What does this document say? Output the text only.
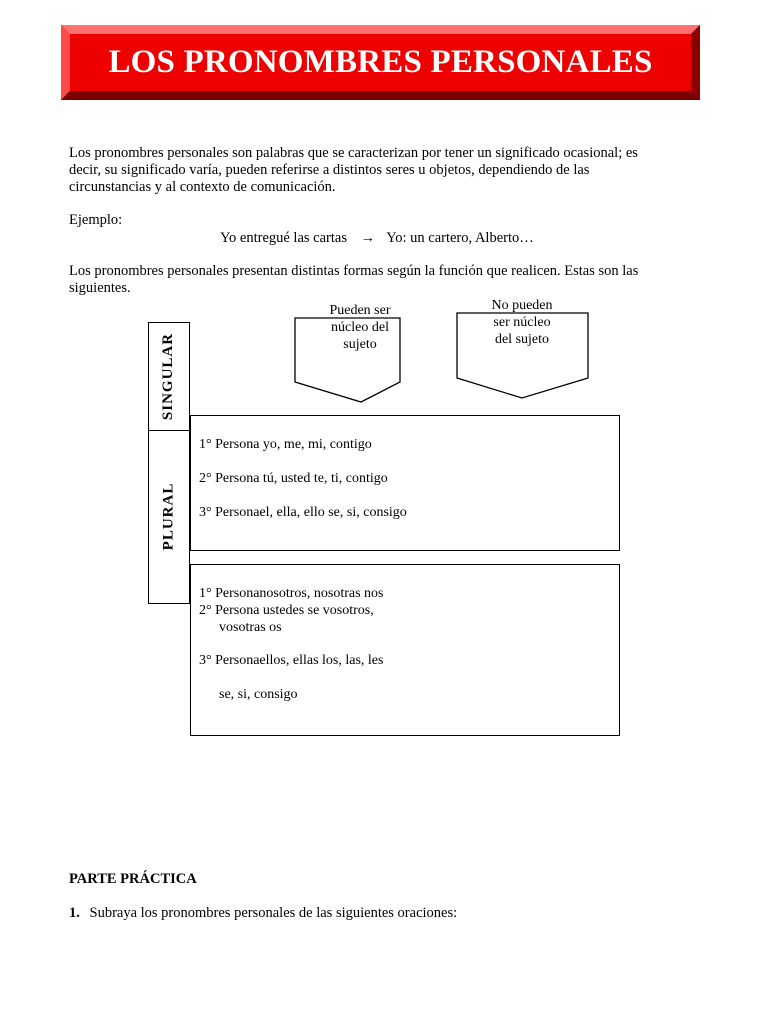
LOS PRONOMBRES PERSONALES
Los pronombres personales son palabras que se caracterizan por tener un significado ocasional; es
decir, su significado varía, pueden referirse a distintos seres u objetos, dependiendo de las
circunstancias y al contexto de comunicación.
Ejemplo:
Yo entregué las cartas → Yo: un cartero, Alberto…
Los pronombres personales presentan distintas formas según la función que realicen. Estas son las
siguientes.
Pueden ser
núcleo del
sujeto
No pueden
ser núcleo
del sujeto
SINGULAR
PLURAL
1° Persona yo, me, mi, contigo
2° Persona tú, usted te, ti, contigo
3° Personael, ella, ello se, si, consigo
1° Personanosotros, nosotras nos
2° Persona ustedes se vosotros,
vosotras os
3° Personaellos, ellas los, las, les
se, si, consigo
PARTE PRÁCTICA
1. Subraya los pronombres personales de las siguientes oraciones:
